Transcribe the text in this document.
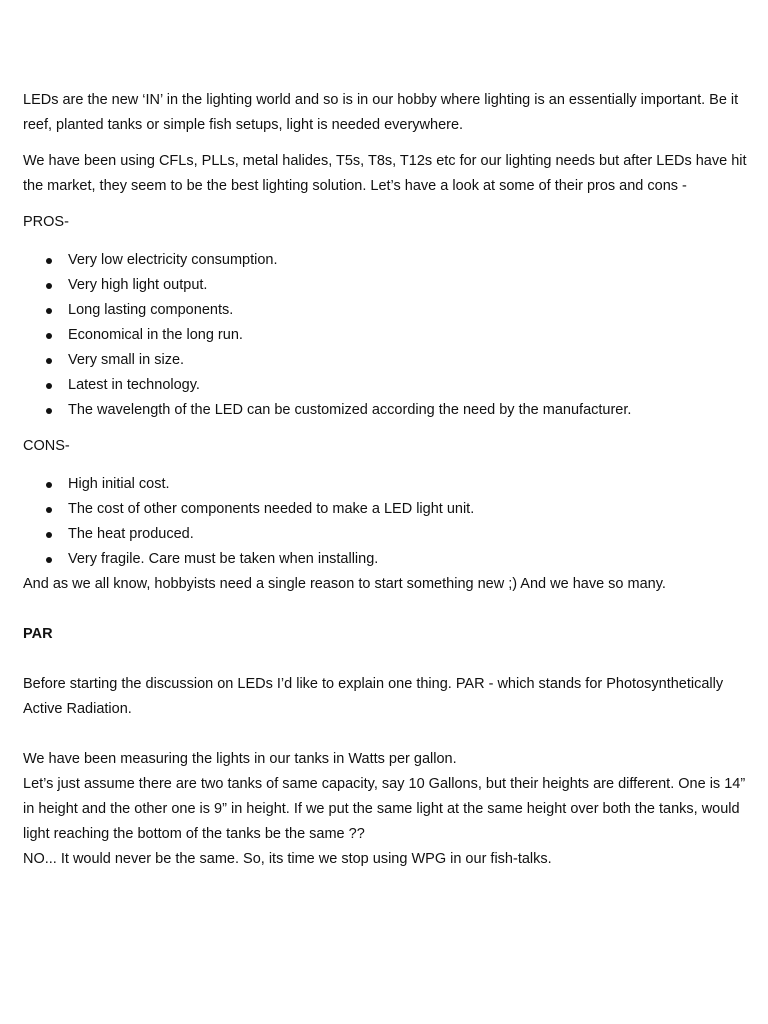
LEDs are the new ‘IN’ in the lighting world and so is in our hobby where lighting is an essentially important. Be it reef, planted tanks or simple fish setups, light is needed everywhere.

We have been using CFLs, PLLs, metal halides, T5s, T8s, T12s etc for our lighting needs but after LEDs have hit the market, they seem to be the best lighting solution. Let’s have a look at some of their pros and cons -

PROS-

Very low electricity consumption.
Very high light output.
Long lasting components.
Economical in the long run.
Very small in size.
Latest in technology.
The wavelength of the LED can be customized according the need by the manufacturer.

CONS-

High initial cost.
The cost of other components needed to make a LED light unit.
The heat produced.
Very fragile. Care must be taken when installing.

And as we all know, hobbyists need a single reason to start something new ;) And we have so many.

PAR

Before starting the discussion on LEDs I’d like to explain one thing. PAR - which stands for Photosynthetically Active Radiation.

We have been measuring the lights in our tanks in Watts per gallon.

Let’s just assume there are two tanks of same capacity, say 10 Gallons, but their heights are different. One is 14” in height and the other one is 9” in height. If we put the same light at the same height over both the tanks, would light reaching the bottom of the tanks be the same ??

NO... It would never be the same. So, its time we stop using WPG in our fish-talks.
